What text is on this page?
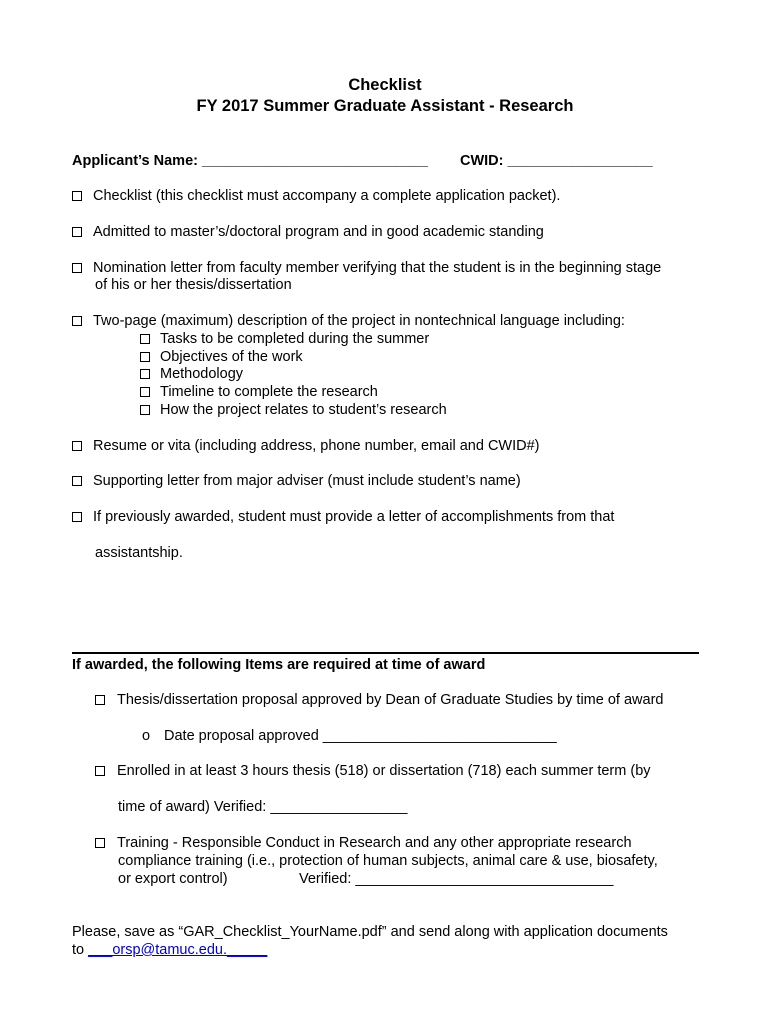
Checklist
FY 2017 Summer Graduate Assistant - Research
Applicant’s Name: ____________________________ CWID: __________________
Checklist (this checklist must accompany a complete application packet).
Admitted to master’s/doctoral program and in good academic standing
Nomination letter from faculty member verifying that the student is in the beginning stage
of his or her thesis/dissertation
Two-page (maximum) description of the project in nontechnical language including:
Tasks to be completed during the summer
Objectives of the work
Methodology
Timeline to complete the research
How the project relates to student’s research
Resume or vita (including address, phone number, email and CWID#)
Supporting letter from major adviser (must include student’s name)
If previously awarded, student must provide a letter of accomplishments from that
assistantship.
If awarded, the following Items are required at time of award
Thesis/dissertation proposal approved by Dean of Graduate Studies by time of award
o Date proposal approved _____________________________
Enrolled in at least 3 hours thesis (518) or dissertation (718) each summer term (by
time of award) Verified: _________________
Training - Responsible Conduct in Research and any other appropriate research
compliance training (i.e., protection of human subjects, animal care & use, biosafety,
or export control)	Verified: ________________________________
Please, save as “GAR_Checklist_YourName.pdf” and send along with application documents
to ___orsp@tamuc.edu._____
